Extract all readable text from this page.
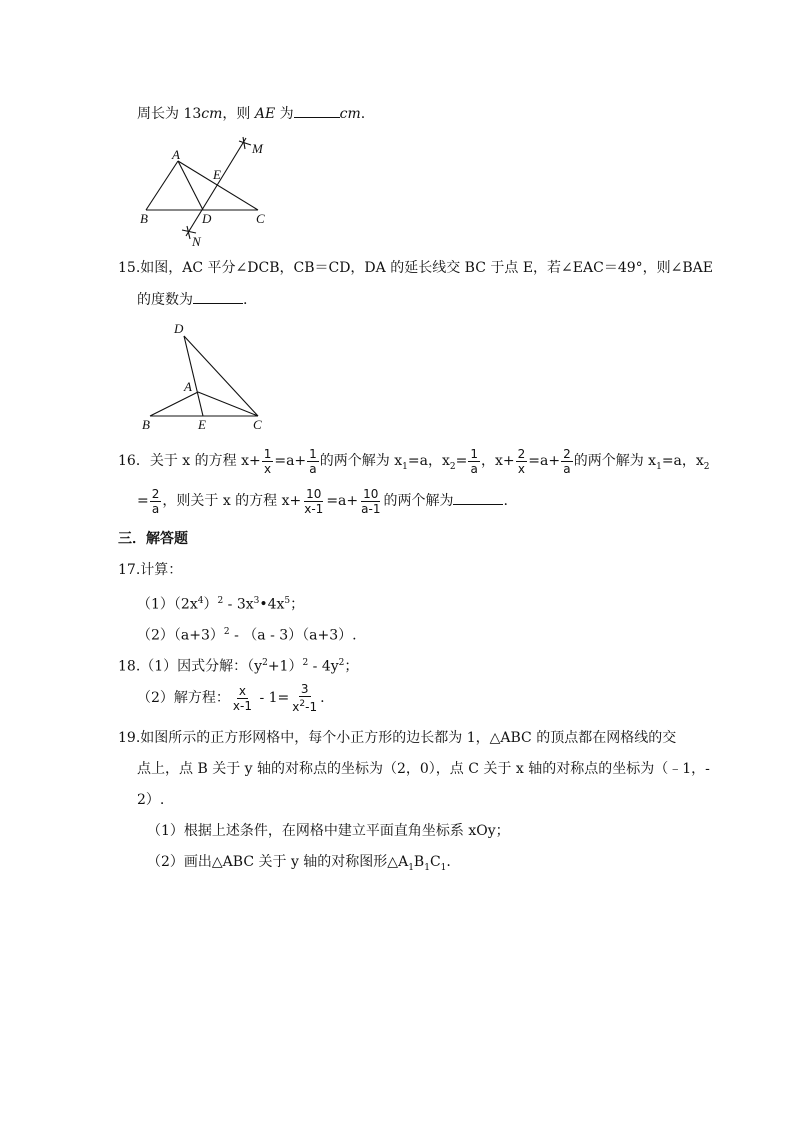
周长为 13cm，则 AE 为	cm.
A
B	C
D
E
M
N
15.如图，AC 平分∠DCB，CB＝CD，DA 的延长线交 BC 于点 E，若∠EAC＝49°，则∠BAE
的度数为	.
D
A
B	E	C
16．关于 x 的方程 $x+ \frac{1}{x} =a+ \frac{1}{a}$ 的两个解为 $x_1=a$，$x_2= \frac{1}{a}$ ，$x+ \frac{2}{x} =a+ \frac{2}{a}$ 的两个解为 $x_1=a$，$x_2$
= $\frac{2}{a}$ ，则关于 x 的方程 $x+ \frac{10}{x-1} =a+ \frac{10}{a-1}$ 的两个解为	.
三．解答题
17.计算：
$(1)(2x^4)^2$ - $3x^3•4x^5$；
$(2)(a+3)^2 - (a - 3)(a+3)$.
18.（1）因式分解：$(y^2+1)^2 - 4y^2$；
（2）解方程： $\frac{x}{x-1} - 1= \frac{3}{x^2-1}$ .
19.如图所示的正方形网格中，每个小正方形的边长都为 1，△ABC 的顶点都在网格线的交
点上，点 B 关于 y 轴的对称点的坐标为（2，0），点 C 关于 x 轴的对称点的坐标为（﹣1，-
2）.
（1）根据上述条件，在网格中建立平面直角坐标系 xOy；
（2）画出△ABC 关于 y 轴的对称图形$\triangle A_1B_1C_1$.
